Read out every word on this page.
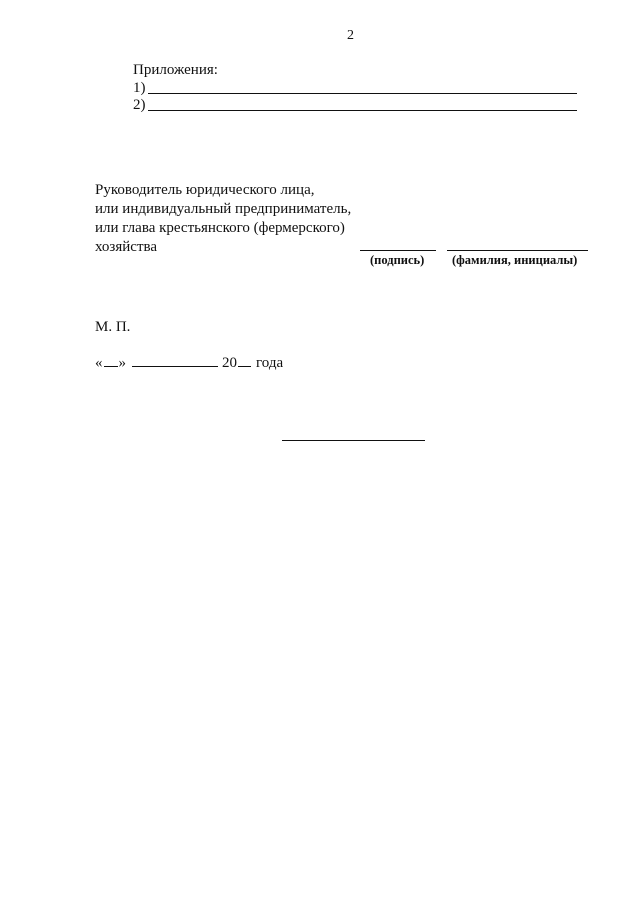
2
Приложения:
1)
2)
Руководитель юридического лица,
или индивидуальный предприниматель,
или глава крестьянского (фермерского)
хозяйства
(подпись) (фамилия, инициалы)
М. П.
« »	20 года
